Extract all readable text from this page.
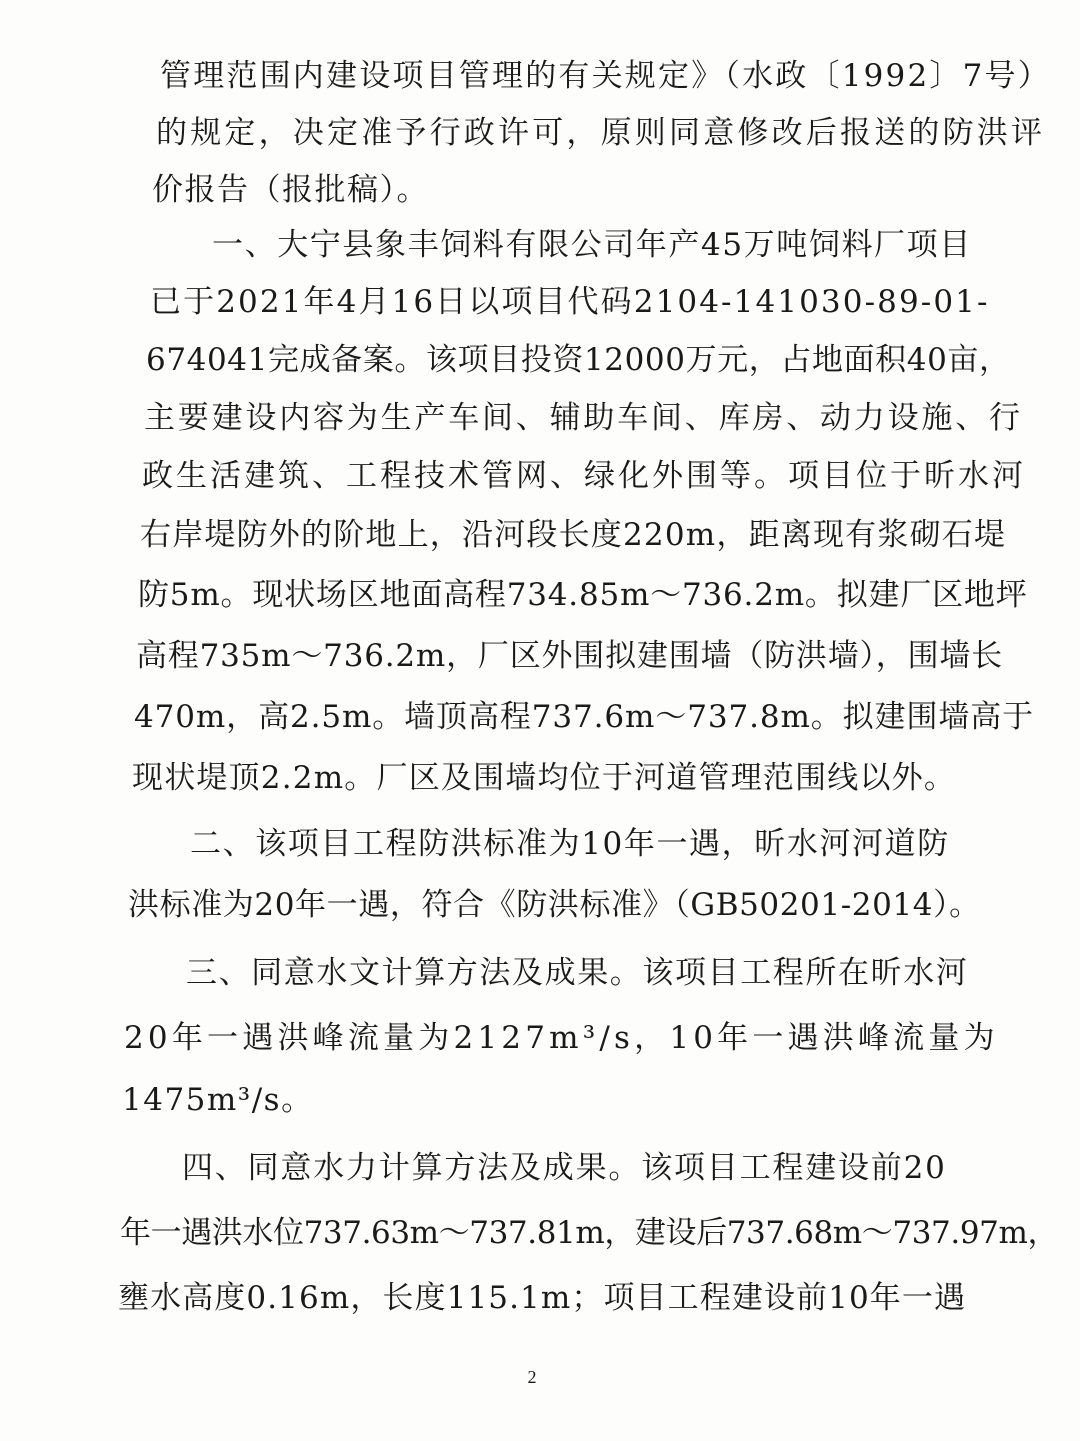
管理范围内建设项目管理的有关规定》（水政〔1992〕7号）
的规定，决定准予行政许可，原则同意修改后报送的防洪评
价报告（报批稿）。
一、大宁县象丰饲料有限公司年产45万吨饲料厂项目
已于2021年4月16日以项目代码2104-141030-89-01-
674041完成备案。该项目投资12000万元，占地面积40亩，
主要建设内容为生产车间、辅助车间、库房、动力设施、行
政生活建筑、工程技术管网、绿化外围等。项目位于昕水河
右岸堤防外的阶地上，沿河段长度220m，距离现有浆砌石堤
防5m。现状场区地面高程734.85m～736.2m。拟建厂区地坪
高程735m～736.2m，厂区外围拟建围墙（防洪墙），围墙长
470m，高2.5m。墙顶高程737.6m～737.8m。拟建围墙高于
现状堤顶2.2m。厂区及围墙均位于河道管理范围线以外。
二、该项目工程防洪标准为10年一遇，昕水河河道防
洪标准为20年一遇，符合《防洪标准》（GB50201-2014）。
三、同意水文计算方法及成果。该项目工程所在昕水河
20年一遇洪峰流量为2127m³/s，10年一遇洪峰流量为
1475m³/s。
四、同意水力计算方法及成果。该项目工程建设前20
年一遇洪水位737.63m～737.81m，建设后737.68m～737.97m，
壅水高度0.16m，长度115.1m；项目工程建设前10年一遇
2
